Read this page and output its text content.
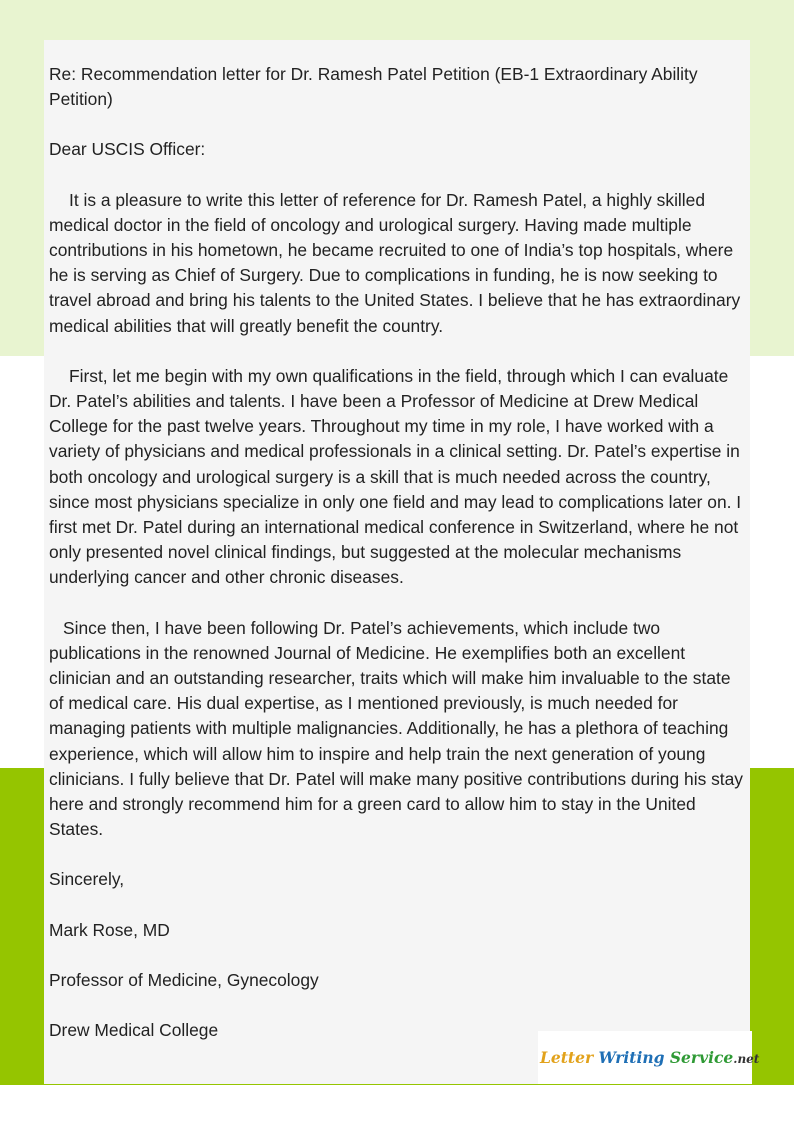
Re: Recommendation letter for Dr. Ramesh Patel Petition (EB-1 Extraordinary Ability Petition)

Dear USCIS Officer:

It is a pleasure to write this letter of reference for Dr. Ramesh Patel, a highly skilled medical doctor in the field of oncology and urological surgery. Having made multiple contributions in his hometown, he became recruited to one of India’s top hospitals, where he is serving as Chief of Surgery. Due to complications in funding, he is now seeking to travel abroad and bring his talents to the United States. I believe that he has extraordinary medical abilities that will greatly benefit the country.

First, let me begin with my own qualifications in the field, through which I can evaluate Dr. Patel’s abilities and talents. I have been a Professor of Medicine at Drew Medical College for the past twelve years. Throughout my time in my role, I have worked with a variety of physicians and medical professionals in a clinical setting. Dr. Patel’s expertise in both oncology and urological surgery is a skill that is much needed across the country, since most physicians specialize in only one field and may lead to complications later on. I first met Dr. Patel during an international medical conference in Switzerland, where he not only presented novel clinical findings, but suggested at the molecular mechanisms underlying cancer and other chronic diseases.

Since then, I have been following Dr. Patel’s achievements, which include two publications in the renowned Journal of Medicine. He exemplifies both an excellent clinician and an outstanding researcher, traits which will make him invaluable to the state of medical care. His dual expertise, as I mentioned previously, is much needed for managing patients with multiple malignancies. Additionally, he has a plethora of teaching experience, which will allow him to inspire and help train the next generation of young clinicians. I fully believe that Dr. Patel will make many positive contributions during his stay here and strongly recommend him for a green card to allow him to stay in the United States.

Sincerely,

Mark Rose, MD

Professor of Medicine, Gynecology

Drew Medical College

Letter Writing Service.net
